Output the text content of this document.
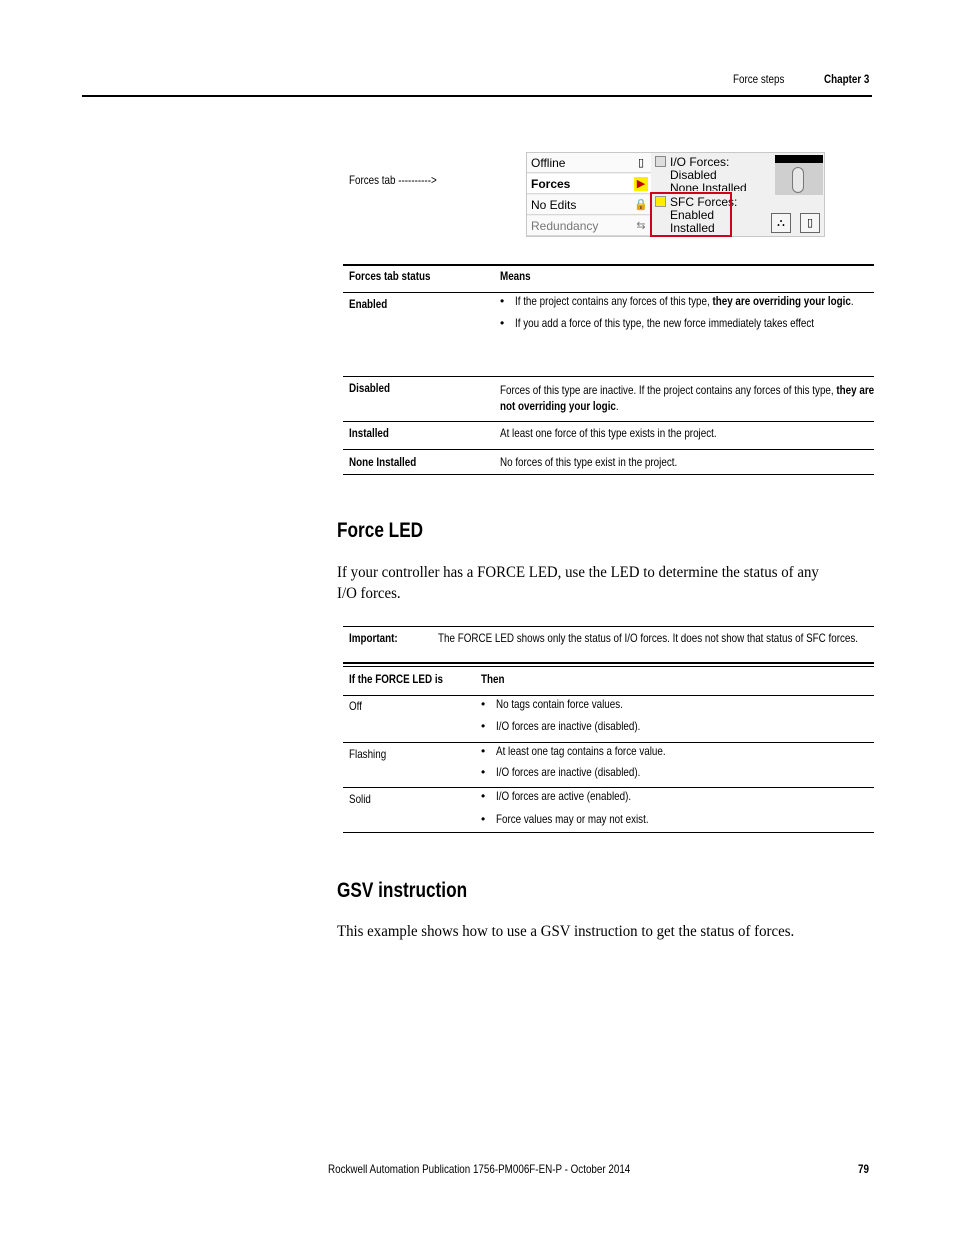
Force steps	Chapter 3
Forces tab ---------->
Offline	▯
Forces	▶
No Edits	🔒
Redundancy	⇆
I/O Forces:
Disabled
None Installed
SFC Forces:
Enabled
Installed	⛬	▯
Forces tab status	Means
Enabled	• If the project contains any forces of this type, they are overriding your logic.
• If you add a force of this type, the new force immediately takes effect
Disabled	Forces of this type are inactive. If the project contains any forces of this type, they are
not overriding your logic.
Installed	At least one force of this type exists in the project.
None Installed	No forces of this type exist in the project.
Force LED
If your controller has a FORCE LED, use the LED to determine the status of any
I/O forces.
Important:	The FORCE LED shows only the status of I/O forces. It does not show that status of SFC forces.
If the FORCE LED is	Then
Off	• No tags contain force values.
• I/O forces are inactive (disabled).
Flashing	• At least one tag contains a force value.
• I/O forces are inactive (disabled).
Solid	• I/O forces are active (enabled).
• Force values may or may not exist.
GSV instruction
This example shows how to use a GSV instruction to get the status of forces.
Rockwell Automation Publication 1756-PM006F-EN-P - October 2014	79
